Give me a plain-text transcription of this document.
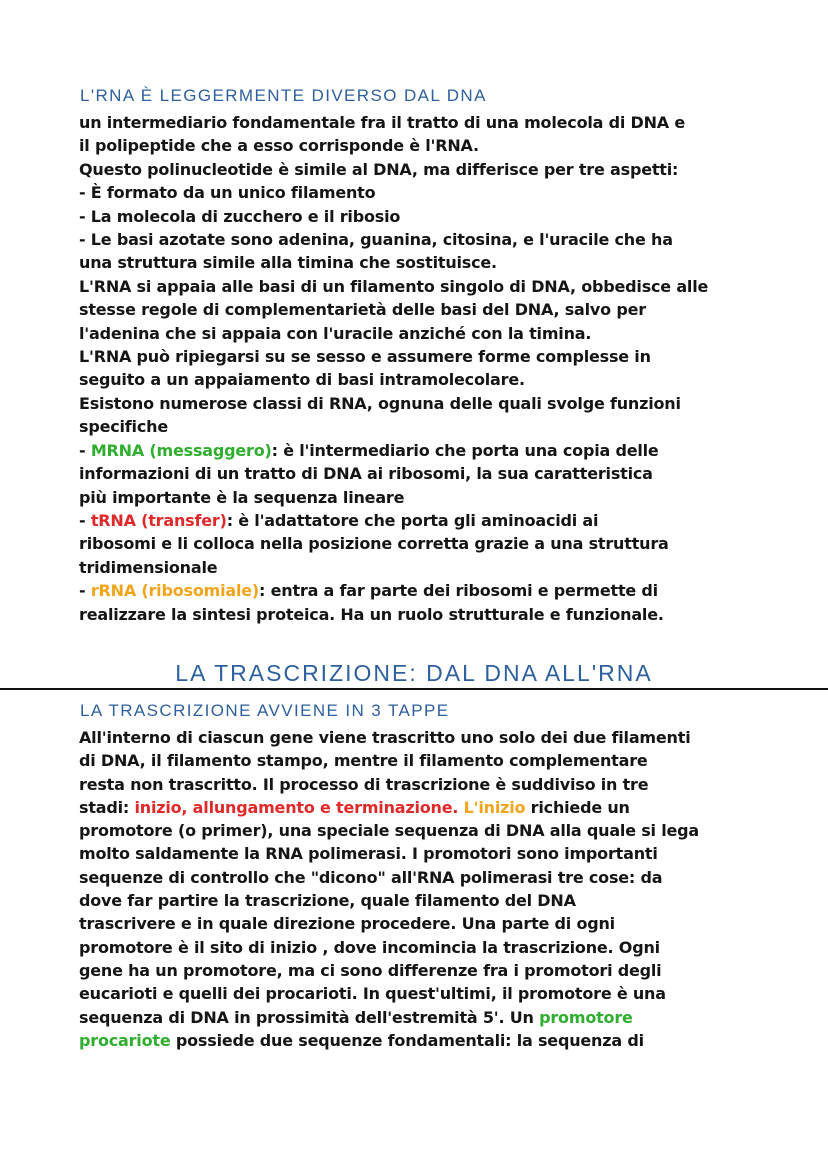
L'RNA È LEGGERMENTE DIVERSO DAL DNA
un intermediario fondamentale fra il tratto di una molecola di DNA e
il polipeptide che a esso corrisponde è l'RNA.
Questo polinucleotide è simile al DNA, ma differisce per tre aspetti:
- È formato da un unico filamento
- La molecola di zucchero e il ribosio
- Le basi azotate sono adenina, guanina, citosina, e l'uracile che ha
una struttura simile alla timina che sostituisce.
L'RNA si appaia alle basi di un filamento singolo di DNA, obbedisce alle
stesse regole di complementarietà delle basi del DNA, salvo per
l'adenina che si appaia con l'uracile anziché con la timina.
L'RNA può ripiegarsi su se sesso e assumere forme complesse in
seguito a un appaiamento di basi intramolecolare.
Esistono numerose classi di RNA, ognuna delle quali svolge funzioni
specifiche
- MRNA (messaggero): è l'intermediario che porta una copia delle
informazioni di un tratto di DNA ai ribosomi, la sua caratteristica
più importante è la sequenza lineare
- tRNA (transfer): è l'adattatore che porta gli aminoacidi ai
ribosomi e li colloca nella posizione corretta grazie a una struttura
tridimensionale
- rRNA (ribosomiale): entra a far parte dei ribosomi e permette di
realizzare la sintesi proteica. Ha un ruolo strutturale e funzionale.
LA TRASCRIZIONE: DAL DNA ALL'RNA
LA TRASCRIZIONE AVVIENE IN 3 TAPPE
All'interno di ciascun gene viene trascritto uno solo dei due filamenti
di DNA, il filamento stampo, mentre il filamento complementare
resta non trascritto. Il processo di trascrizione è suddiviso in tre
stadi: inizio, allungamento e terminazione. L'inizio richiede un
promotore (o primer), una speciale sequenza di DNA alla quale si lega
molto saldamente la RNA polimerasi. I promotori sono importanti
sequenze di controllo che "dicono" all'RNA polimerasi tre cose: da
dove far partire la trascrizione, quale filamento del DNA
trascrivere e in quale direzione procedere. Una parte di ogni
promotore è il sito di inizio , dove incomincia la trascrizione. Ogni
gene ha un promotore, ma ci sono differenze fra i promotori degli
eucarioti e quelli dei procarioti. In quest'ultimi, il promotore è una
sequenza di DNA in prossimità dell'estremità 5'. Un promotore
procariote possiede due sequenze fondamentali: la sequenza di
